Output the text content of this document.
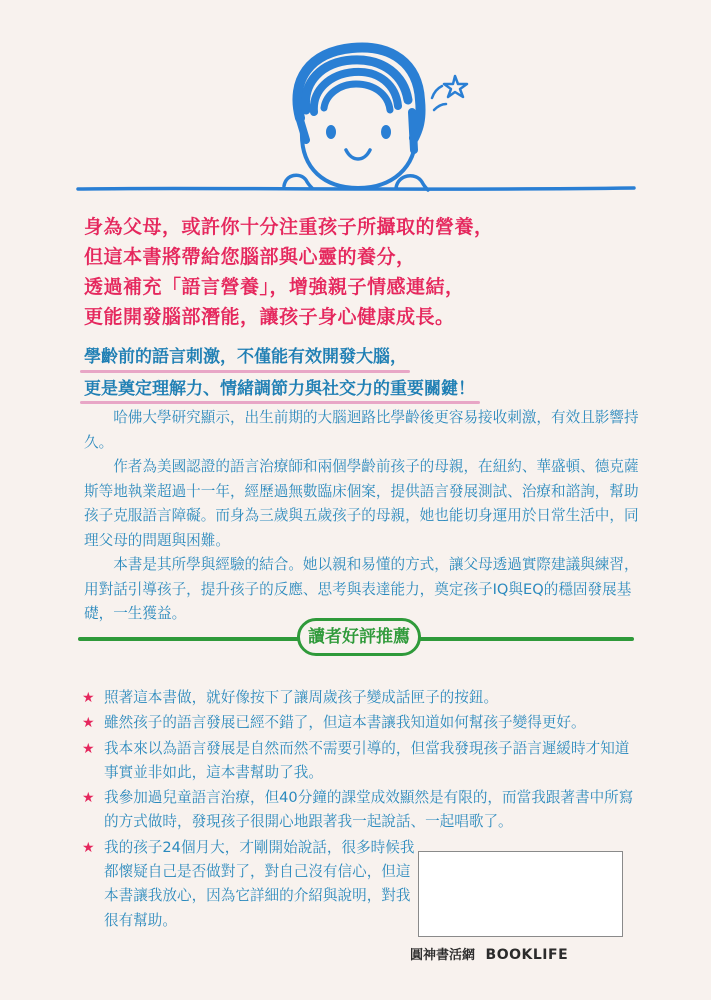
身為父母，或許你十分注重孩子所攝取的營養，
但這本書將帶給您腦部與心靈的養分，
透過補充「語言營養」，增強親子情感連結，
更能開發腦部潛能，讓孩子身心健康成長。
學齡前的語言刺激，不僅能有效開發大腦，
更是奠定理解力、情緒調節力與社交力的重要關鍵！

哈佛大學研究顯示，出生前期的大腦迴路比學齡後更容易接收刺激，有效且影響持久。

作者為美國認證的語言治療師和兩個學齡前孩子的母親，在紐約、華盛頓、德克薩斯等地執業超過十一年，經歷過無數臨床個案，提供語言發展測試、治療和諮詢，幫助孩子克服語言障礙。而身為三歲與五歲孩子的母親，她也能切身運用於日常生活中，同理父母的問題與困難。

本書是其所學與經驗的結合。她以親和易懂的方式，讓父母透過實際建議與練習，用對話引導孩子，提升孩子的反應、思考與表達能力，奠定孩子IQ與EQ的穩固發展基礎，一生獲益。

讀者好評推薦
★ 照著這本書做，就好像按下了讓周歲孩子變成話匣子的按鈕。
★ 雖然孩子的語言發展已經不錯了，但這本書讓我知道如何幫孩子變得更好。
★ 我本來以為語言發展是自然而然不需要引導的，但當我發現孩子語言遲緩時才知道事實並非如此，這本書幫助了我。
★ 我參加過兒童語言治療，但40分鐘的課堂成效顯然是有限的，而當我跟著書中所寫的方式做時，發現孩子很開心地跟著我一起說話、一起唱歌了。
★ 我的孩子24個月大，才剛開始說話，很多時候我都懷疑自己是否做對了，對自己沒有信心，但這本書讓我放心，因為它詳細的介紹與說明，對我很有幫助。
圓神書活網 BOOKLIFE
